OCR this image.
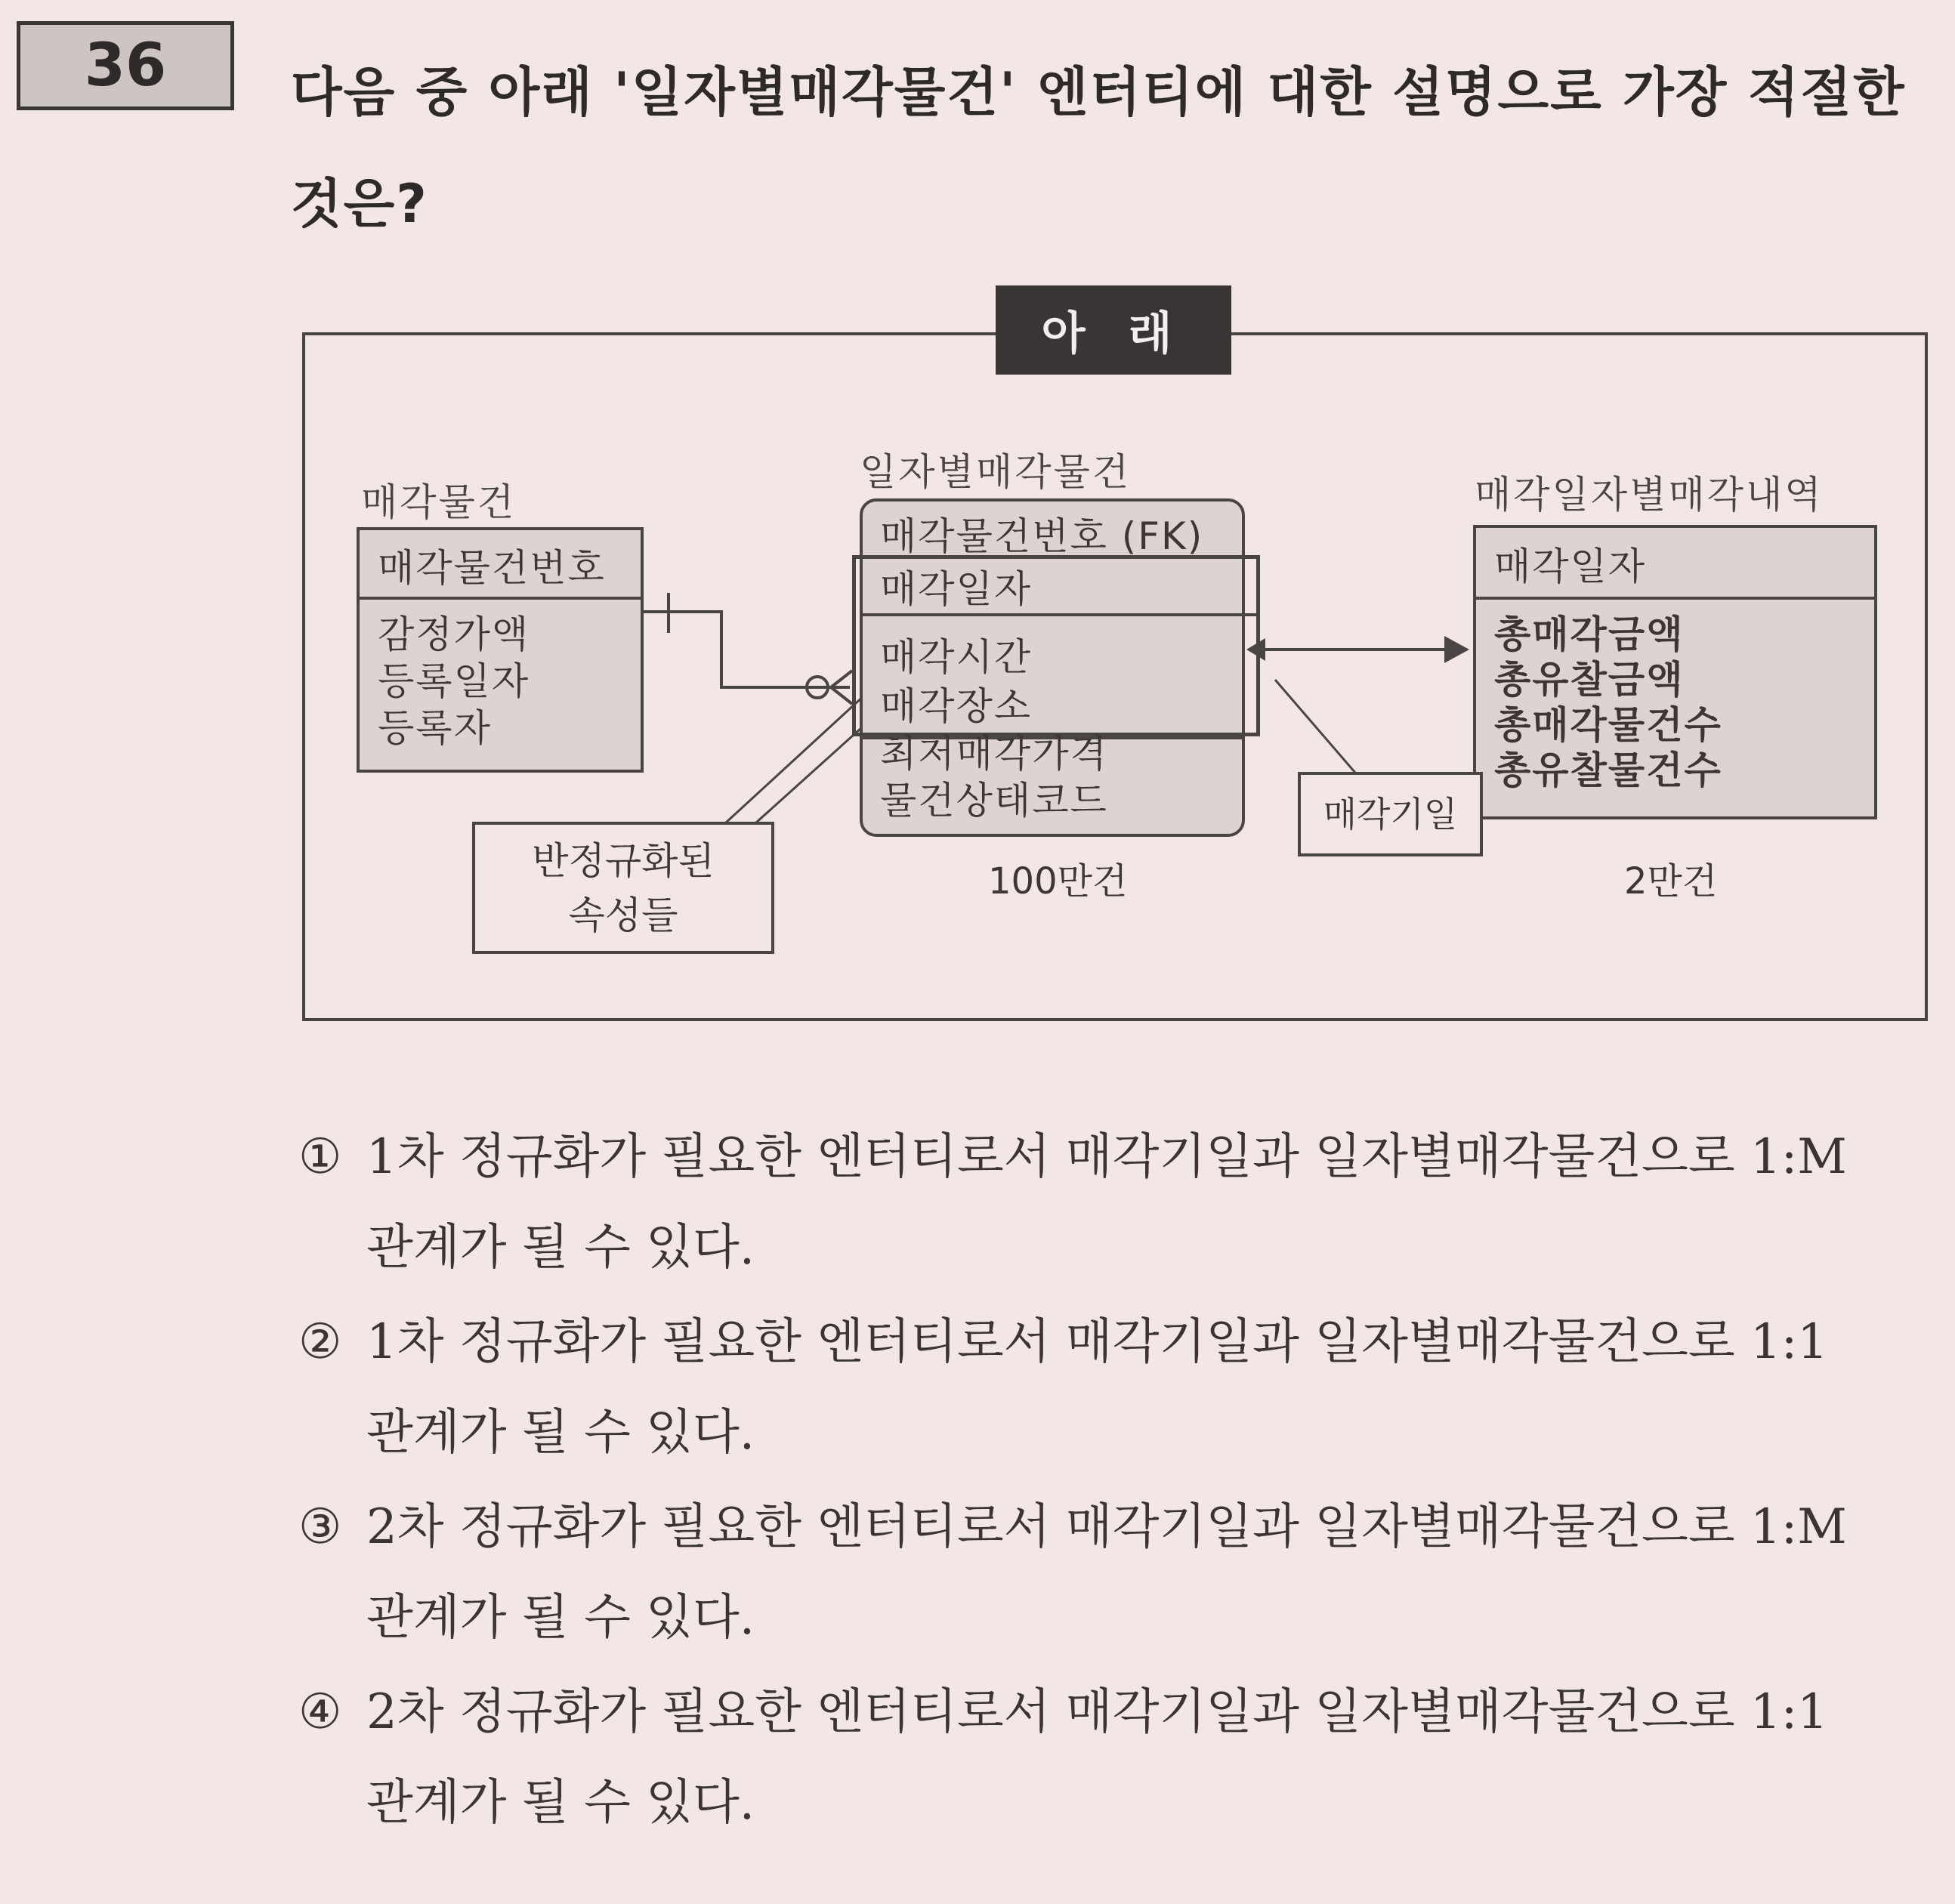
36	다음 중 아래 '일자별매각물건' 엔터티에 대한 설명으로 가장 적절한
것은?
아 래
매각물건
매각물건번호
감정가액
등록일자
등록자
일자별매각물건
매각물건번호 (FK)
매각일자
매각시간
매각장소
최저매각가격
물건상태코드
100만건
매각일자별매각내역
매각일자
총매각금액
총유찰금액
총매각물건수
총유찰물건수
2만건
반정규화된
속성들
매각기일
① 1차 정규화가 필요한 엔터티로서 매각기일과 일자별매각물건으로 1:M
관계가 될 수 있다.
② 1차 정규화가 필요한 엔터티로서 매각기일과 일자별매각물건으로 1:1
관계가 될 수 있다.
③ 2차 정규화가 필요한 엔터티로서 매각기일과 일자별매각물건으로 1:M
관계가 될 수 있다.
④ 2차 정규화가 필요한 엔터티로서 매각기일과 일자별매각물건으로 1:1
관계가 될 수 있다.
